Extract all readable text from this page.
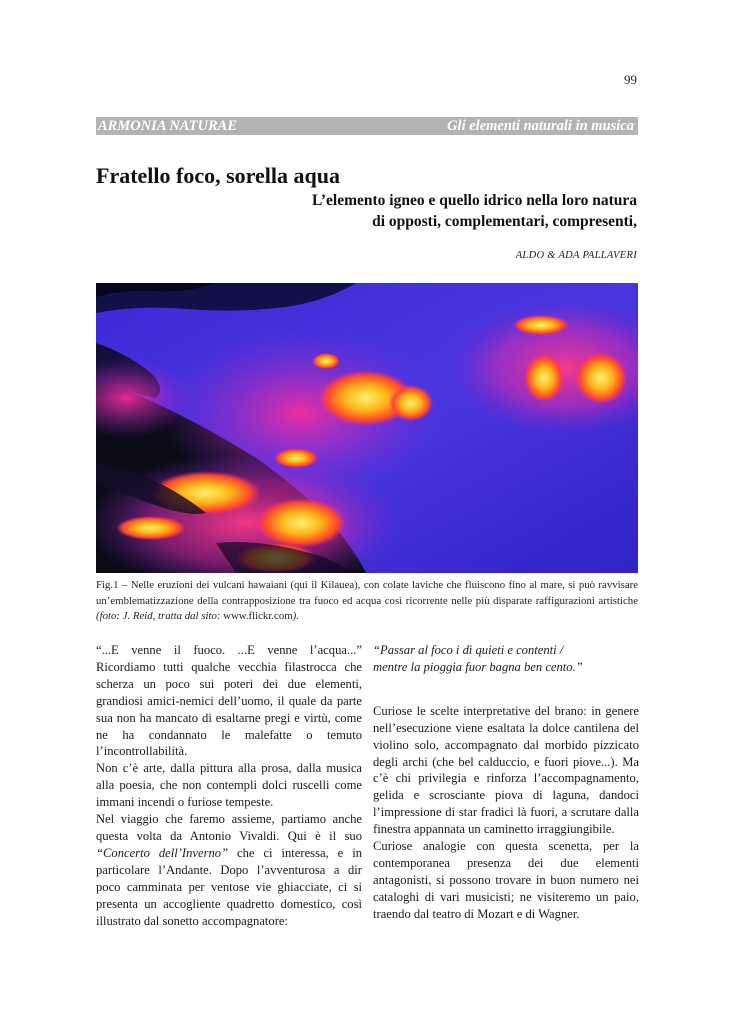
99
ARMONIA NATURAE	Gli elementi naturali in musica
Fratello foco, sorella aqua
L’elemento igneo e quello idrico nella loro natura
di opposti, complementari, compresenti,
ALDO & ADA PALLAVERI

Fig.1 – Nelle eruzioni dei vulcani hawaiani (qui il Kilauea), con colate laviche che fluiscono fino al mare, si può ravvisare un’emblematizzazione della contrapposizione tra fuoco ed acqua così ricorrente nelle più disparate raffigurazioni artistiche (foto: J. Reid, tratta dal sito: www.flickr.com).

“...E venne il fuoco. ...E venne l’acqua...” Ricordiamo tutti qualche vecchia filastrocca che scherza un poco sui poteri dei due elementi, grandiosi amici-nemici dell’uomo, il quale da parte sua non ha mancato di esaltarne pregi e virtù, come ne ha condannato le malefatte o temuto l’incontrollabilità.

Non c’è arte, dalla pittura alla prosa, dalla musica alla poesia, che non contempli dolci ruscelli come immani incendi o furiose tempeste.

Nel viaggio che faremo assieme, partiamo anche questa volta da Antonio Vivaldi. Qui è il suo “Concerto dell’Inverno” che ci interessa, e in particolare l’Andante. Dopo l’avventurosa a dir poco camminata per ventose vie ghiacciate, ci si presenta un accogliente quadretto domestico, così illustrato dal sonetto accompagnatore:

“Passar al foco i dì quieti e contenti /
mentre la pioggia fuor bagna ben cento.”

Curiose le scelte interpretative del brano: in genere nell’esecuzione viene esaltata la dolce cantilena del violino solo, accompagnato dal morbido pizzicato degli archi (che bel calduccio, e fuori piove...). Ma c’è chi privilegia e rinforza l’accompagnamento, gelida e scrosciante piova di laguna, dandoci l’impressione di star fradici là fuori, a scrutare dalla finestra appannata un caminetto irraggiungibile.

Curiose analogie con questa scenetta, per la contemporanea presenza dei due elementi antagonisti, si possono trovare in buon numero nei cataloghi di vari musicisti; ne visiteremo un paio, traendo dal teatro di Mozart e di Wagner.
